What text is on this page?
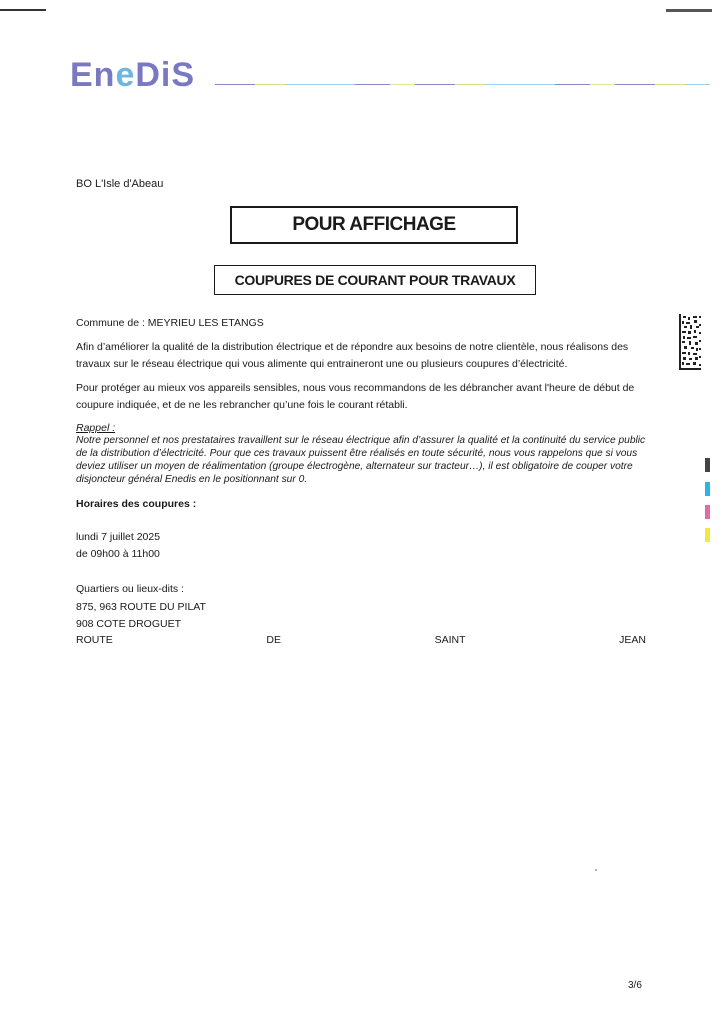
EneDiS
BO L'Isle d'Abeau
POUR AFFICHAGE
COUPURES DE COURANT POUR TRAVAUX
Commune de : MEYRIEU LES ETANGS
Afin d’améliorer la qualité de la distribution électrique et de répondre aux besoins de notre clientèle, nous réalisons des travaux sur le réseau électrique qui vous alimente qui entraineront une ou plusieurs coupures d’électricité.
Pour protéger au mieux vos appareils sensibles, nous vous recommandons de les débrancher avant l'heure de début de coupure indiquée, et de ne les rebrancher qu’une fois le courant rétabli.
Rappel :
Notre personnel et nos prestataires travaillent sur le réseau électrique afin d’assurer la qualité et la continuité du service public de la distribution d’électricité. Pour que ces travaux puissent être réalisés en toute sécurité, nous vous rappelons que si vous deviez utiliser un moyen de réalimentation (groupe électrogène, alternateur sur tracteur…), il est obligatoire de couper votre disjoncteur général Enedis en le positionnant sur 0.
Horaires des coupures :
lundi 7 juillet 2025
de 09h00 à 11h00
Quartiers ou lieux-dits :
875, 963 ROUTE DU PILAT
908 COTE DROGUET
ROUTE	DE	SAINT	JEAN
3/6
